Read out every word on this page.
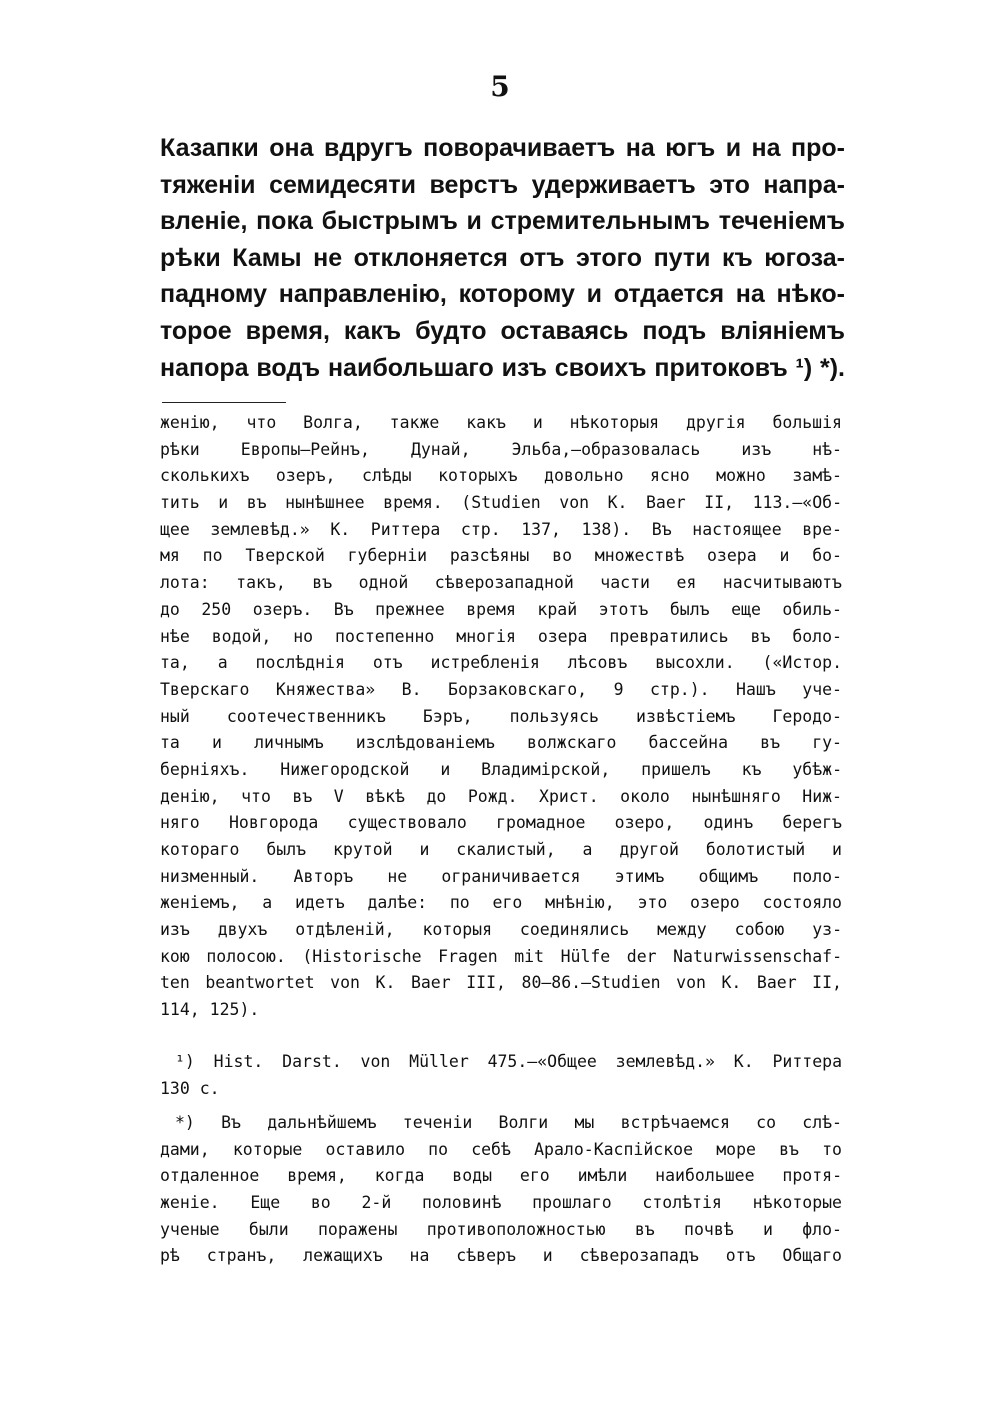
5
Казапки она вдругъ поворачиваетъ на югъ и на про-
тяженіи семидесяти верстъ удерживаетъ это напра-
вленіе, пока быстрымъ и стремительнымъ теченіемъ
рѣки Камы не отклоняется отъ этого пути къ югоза-
падному направленію, которому и отдается на нѣко-
торое время, какъ будто оставаясь подъ вліяніемъ
напора водъ наибольшаго изъ своихъ притоковъ ¹) *).
женію, что Волга, также какъ и нѣкоторыя другія большія
рѣки Европы—Рейнъ, Дунай, Эльба,—образовалась изъ нѣ-
сколькихъ озеръ, слѣды которыхъ довольно ясно можно замѣ-
тить и въ нынѣшнее время. (Studien von K. Baer II, 113.—«Об-
щее землевѣд.» К. Риттера стр. 137, 138). Въ настоящее вре-
мя по Тверской губерніи разсѣяны во множествѣ озера и бо-
лота: такъ, въ одной сѣверозападной части ея насчитываютъ
до 250 озеръ. Въ прежнее время край этотъ былъ еще обиль-
нѣе водой, но постепенно многія озера превратились въ боло-
та, а послѣднія отъ истребленія лѣсовъ высохли. («Истор.
Тверскаго Княжества» В. Борзаковскаго, 9 стр.). Нашъ уче-
ный соотечественникъ Бэръ, пользуясь извѣстіемъ Геродо-
та и личнымъ изслѣдованіемъ волжскаго бассейна въ гу-
берніяхъ. Нижегородской и Владимірской, пришелъ къ убѣж-
денію, что въ V вѣкѣ до Рожд. Христ. около нынѣшняго Ниж-
няго Новгорода существовало громадное озеро, одинъ берегъ
котораго былъ крутой и скалистый, а другой болотистый и
низменный. Авторъ не ограничивается этимъ общимъ поло-
женіемъ, а идетъ далѣе: по его мнѣнію, это озеро состояло
изъ двухъ отдѣленій, которыя соединялись между собою уз-
кою полосою. (Historische Fragen mit Hülfe der Naturwissenschaf-
ten beantwortet von K. Baer III, 80—86.—Studien von K. Baer II,
114, 125).
¹) Hist. Darst. von Müller 475.—«Общее землевѣд.» К. Риттера
130 с.
*) Въ дальнѣйшемъ теченіи Волги мы встрѣчаемся со слѣ-
дами, которые оставило по себѣ Арало-Каспійское море въ то
отдаленное время, когда воды его имѣли наибольшее протя-
женіе. Еще во 2-й половинѣ прошлаго столѣтія нѣкоторые
ученые были поражены противоположностью въ почвѣ и фло-
рѣ странъ, лежащихъ на сѣверъ и сѣверозападъ отъ Общаго
